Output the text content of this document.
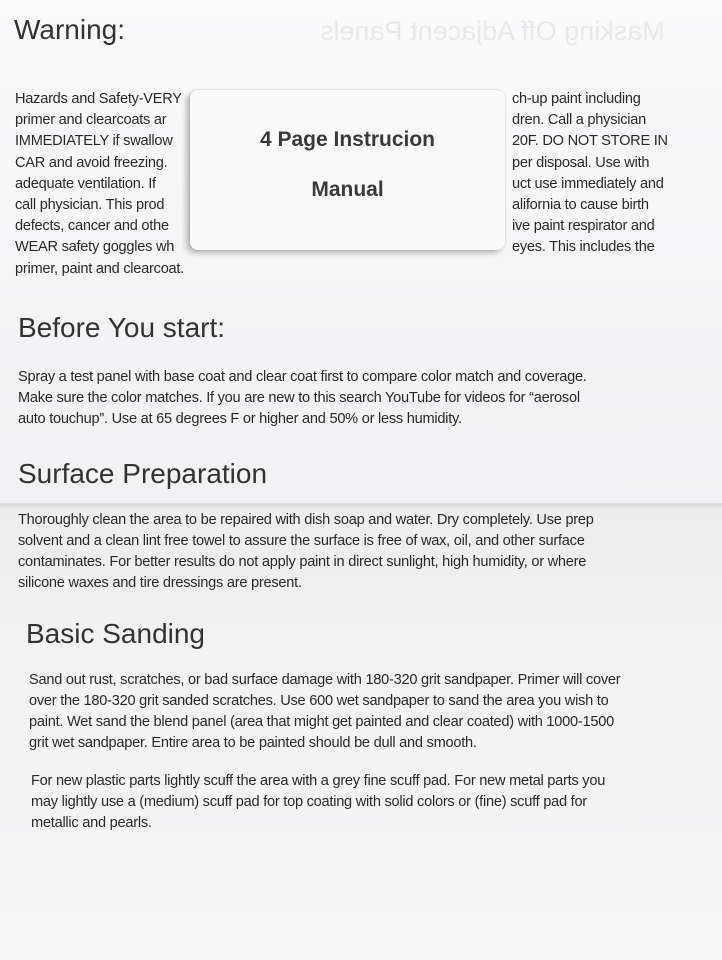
Masking Off Adjacent Panels
Warning:
Hazards and Safety-VERY
primer and clearcoats ar
IMMEDIATELY if swallow
CAR and avoid freezing.
adequate ventilation. If
call physician. This prod
defects, cancer and othe
WEAR safety goggles wh
primer, paint and clearcoat.
ch-up paint including
dren. Call a physician
20F. DO NOT STORE IN
per disposal. Use with
uct use immediately and
alifornia to cause birth
ive paint respirator and
eyes. This includes the
4 Page Instrucion
Manual
Before You start:
Spray a test panel with base coat and clear coat first to compare color match and coverage.
Make sure the color matches. If you are new to this search YouTube for videos for “aerosol
auto touchup”. Use at 65 degrees F or higher and 50% or less humidity.
Surface Preparation
Thoroughly clean the area to be repaired with dish soap and water. Dry completely. Use prep
solvent and a clean lint free towel to assure the surface is free of wax, oil, and other surface
contaminates. For better results do not apply paint in direct sunlight, high humidity, or where
silicone waxes and tire dressings are present.
Basic Sanding
Sand out rust, scratches, or bad surface damage with 180-320 grit sandpaper. Primer will cover
over the 180-320 grit sanded scratches. Use 600 wet sandpaper to sand the area you wish to
paint. Wet sand the blend panel (area that might get painted and clear coated) with 1000-1500
grit wet sandpaper. Entire area to be painted should be dull and smooth.
For new plastic parts lightly scuff the area with a grey fine scuff pad. For new metal parts you
may lightly use a (medium) scuff pad for top coating with solid colors or (fine) scuff pad for
metallic and pearls.
